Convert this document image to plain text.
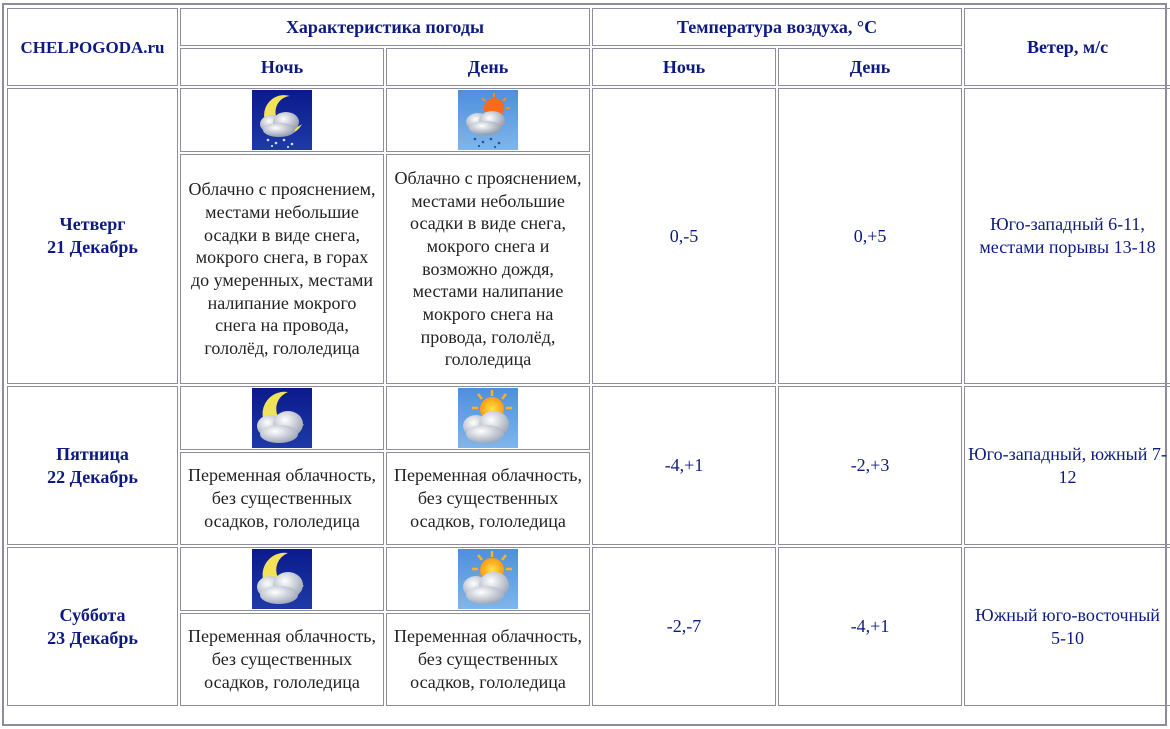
CHELPOGODA.ru	Характеристика погоды		Температура воздуха, °C		Ветер, м/с
	Ночь	День	Ночь	День	
Четверг
21 Декабрь			0,-5	0,+5	Юго-западный 6-11, местами порывы 13-18
	Облачно с прояснением, местами небольшие осадки в виде снега, мокрого снега, в горах до умеренных, местами налипание мокрого снега на провода, гололёд, гололедица	Облачно с прояснением, местами небольшие осадки в виде снега, мокрого снега и возможно дождя, местами налипание мокрого снега на провода, гололёд, гололедица			
Пятница
22 Декабрь			-4,+1	-2,+3	Юго-западный, южный 7-12
	Переменная облачность, без существенных осадков, гололедица	Переменная облачность, без существенных осадков, гололедица			
Суббота
23 Декабрь			-2,-7	-4,+1	Южный юго-восточный 5-10
	Переменная облачность, без существенных осадков, гололедица	Переменная облачность, без существенных осадков, гололедица			
